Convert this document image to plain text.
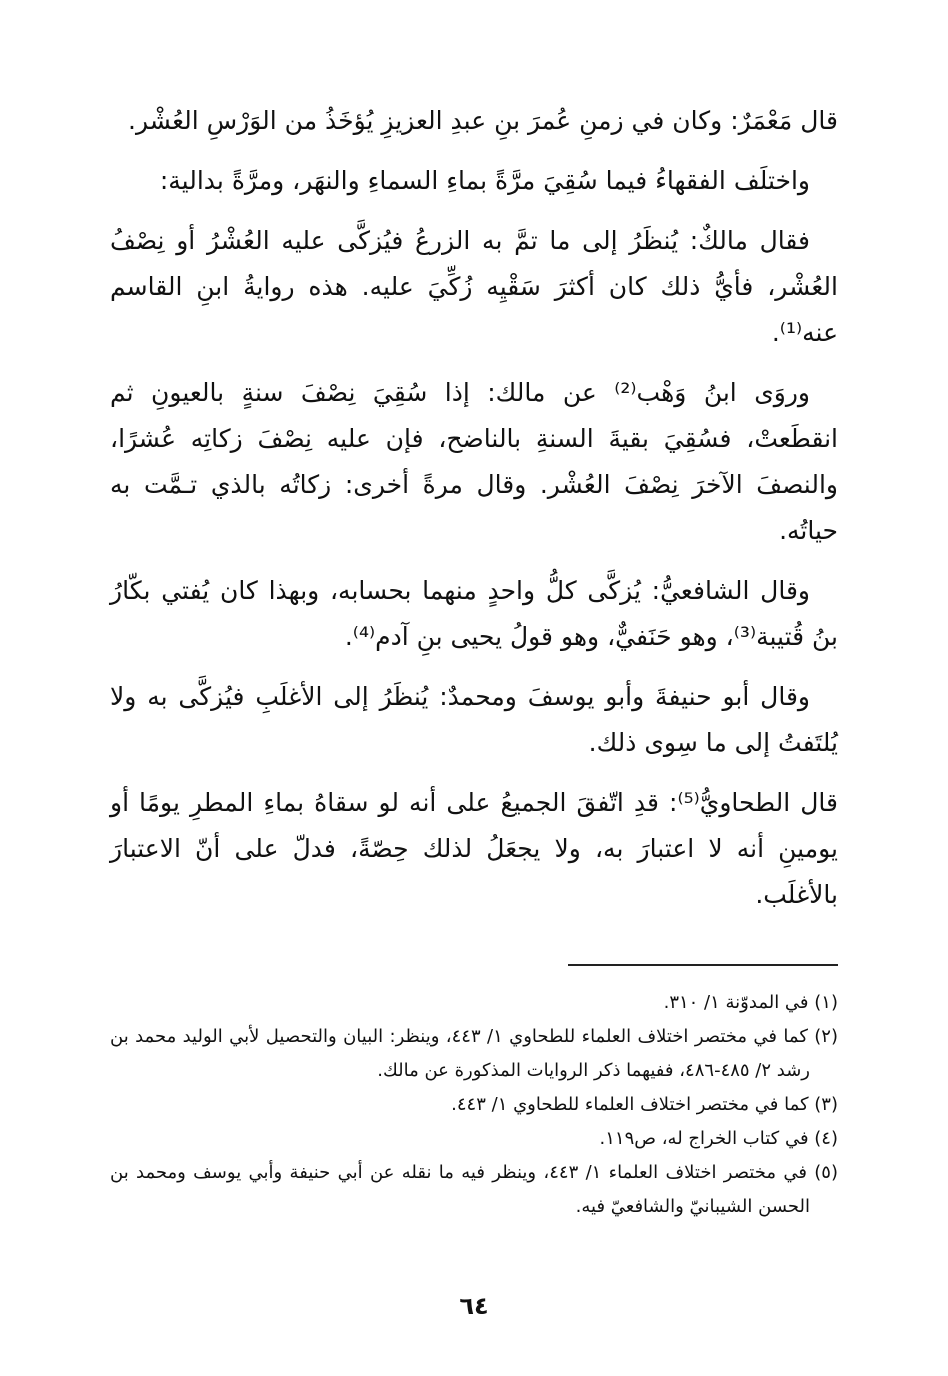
قال مَعْمَرٌ: وكان في زمنِ عُمرَ بنِ عبدِ العزيزِ يُؤخَذُ من الوَرْسِ العُشْر.

واختلَف الفقهاءُ فيما سُقِيَ مرَّةً بماءِ السماءِ والنهَر، ومرَّةً بدالية:

فقال مالكٌ: يُنظَرُ إلى ما تمَّ به الزرعُ فيُزكَّى عليه العُشْرُ أو نِصْفُ العُشْر، فأيُّ ذلك كان أكثرَ سَقْيِه زُكِّيَ عليه. هذه روايةُ ابنِ القاسم عنه⁽¹⁾.

وروَى ابنُ وَهْب⁽²⁾ عن مالك: إذا سُقِيَ نِصْفَ سنةٍ بالعيونِ ثم انقطَعتْ، فسُقِيَ بقيةَ السنةِ بالناضح، فإن عليه نِصْفَ زكاتِه عُشرًا، والنصفَ الآخرَ نِصْفَ العُشْر. وقال مرةً أخرى: زكاتُه بالذي تـمَّت به حياتُه.

وقال الشافعيُّ: يُزكَّى كلُّ واحدٍ منهما بحسابه، وبهذا كان يُفتي بكّارُ بنُ قُتيبة⁽³⁾، وهو حَنَفيٌّ، وهو قولُ يحيى بنِ آدم⁽⁴⁾.

وقال أبو حنيفةَ وأبو يوسفَ ومحمدٌ: يُنظَرُ إلى الأغلَبِ فيُزكَّى به ولا يُلتَفتُ إلى ما سِوى ذلك.

قال الطحاويُّ⁽⁵⁾: قدِ اتّفقَ الجميعُ على أنه لو سقاهُ بماءِ المطرِ يومًا أو يومينِ أنه لا اعتبارَ به، ولا يجعَلُ لذلك حِصّةً، فدلّ على أنّ الاعتبارَ بالأغلَب.

(١) في المدوّنة ١/ ٣١٠.

(٢) كما في مختصر اختلاف العلماء للطحاوي ١/ ٤٤٣، وينظر: البيان والتحصيل لأبي الوليد محمد بن رشد ٢/ ٤٨٥-٤٨٦، ففيهما ذكر الروايات المذكورة عن مالك.

(٣) كما في مختصر اختلاف العلماء للطحاوي ١/ ٤٤٣.

(٤) في كتاب الخراج له، ص١١٩.

(٥) في مختصر اختلاف العلماء ١/ ٤٤٣، وينظر فيه ما نقله عن أبي حنيفة وأبي يوسف ومحمد بن الحسن الشيبانيّ والشافعيّ فيه.

٦٤
